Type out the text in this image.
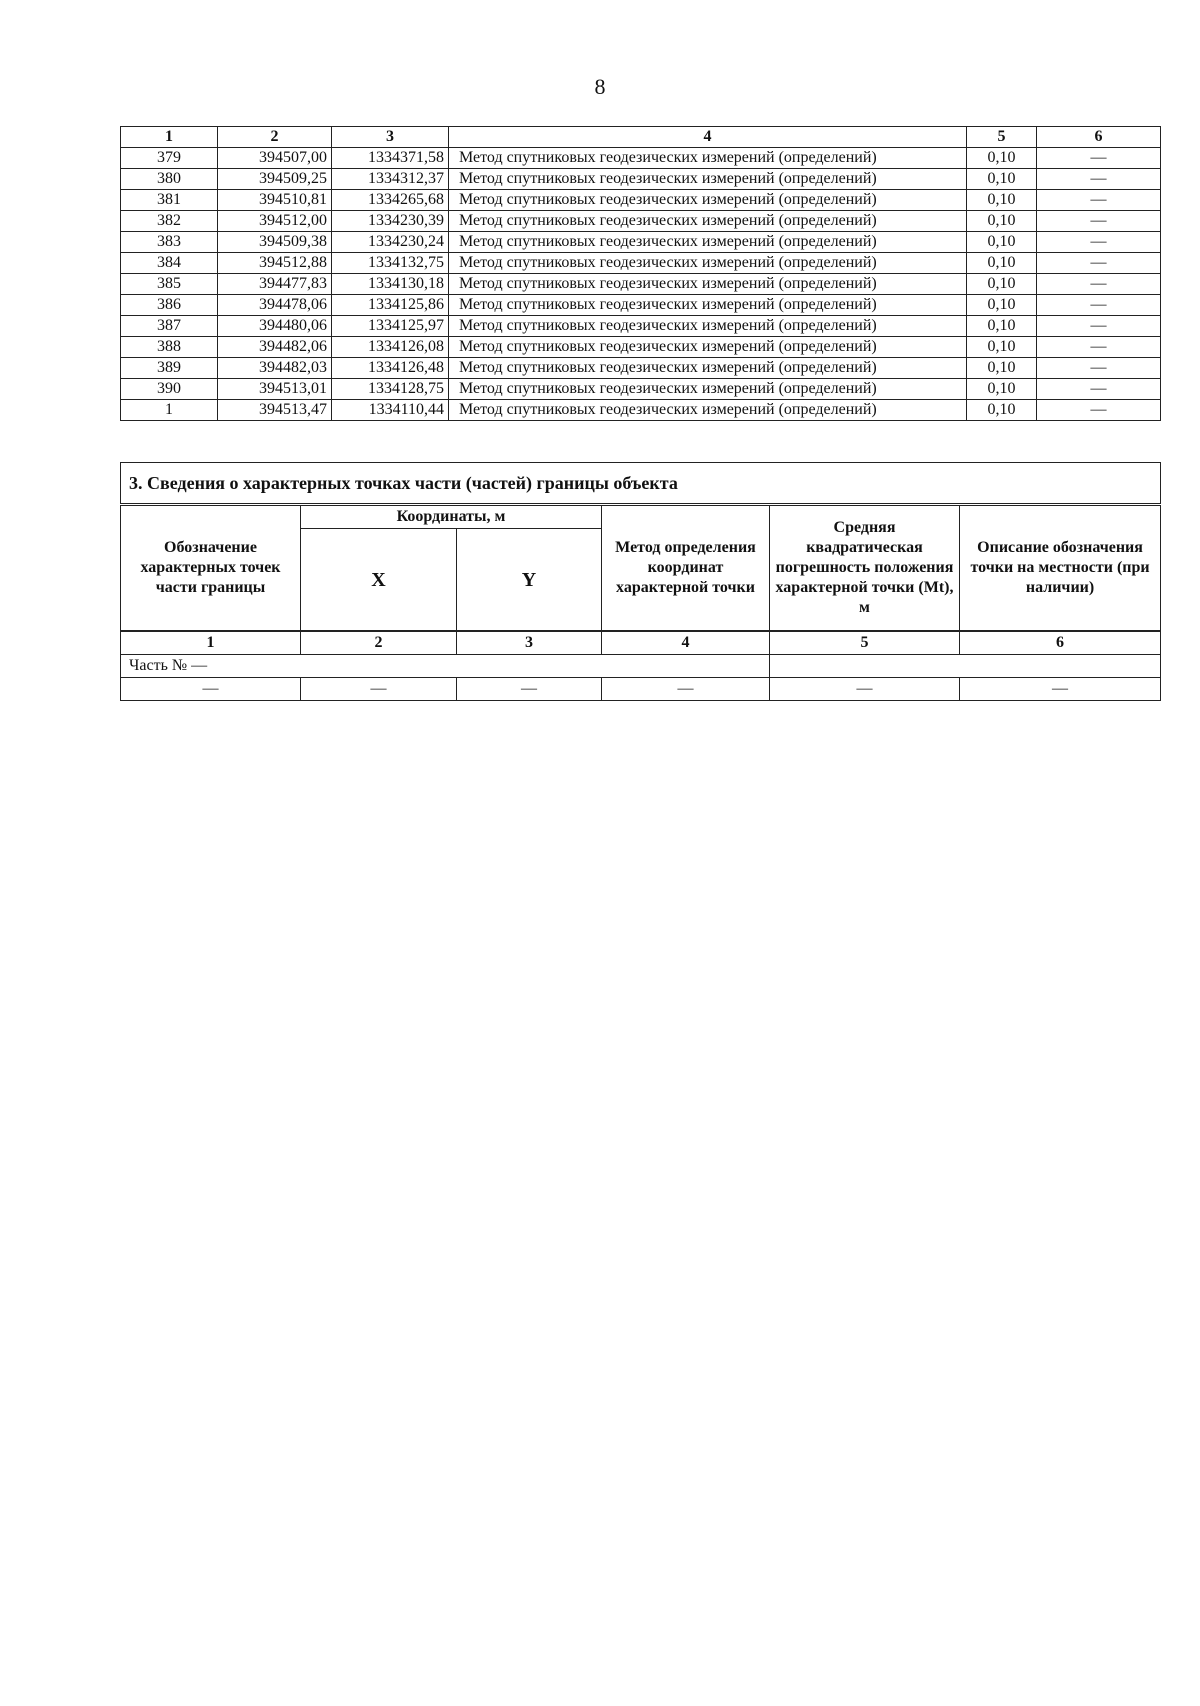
8
1	2	3	4	5	6
379	394507,00	1334371,58	Метод спутниковых геодезических измерений (определений)	0,10	—
380	394509,25	1334312,37	Метод спутниковых геодезических измерений (определений)	0,10	—
381	394510,81	1334265,68	Метод спутниковых геодезических измерений (определений)	0,10	—
382	394512,00	1334230,39	Метод спутниковых геодезических измерений (определений)	0,10	—
383	394509,38	1334230,24	Метод спутниковых геодезических измерений (определений)	0,10	—
384	394512,88	1334132,75	Метод спутниковых геодезических измерений (определений)	0,10	—
385	394477,83	1334130,18	Метод спутниковых геодезических измерений (определений)	0,10	—
386	394478,06	1334125,86	Метод спутниковых геодезических измерений (определений)	0,10	—
387	394480,06	1334125,97	Метод спутниковых геодезических измерений (определений)	0,10	—
388	394482,06	1334126,08	Метод спутниковых геодезических измерений (определений)	0,10	—
389	394482,03	1334126,48	Метод спутниковых геодезических измерений (определений)	0,10	—
390	394513,01	1334128,75	Метод спутниковых геодезических измерений (определений)	0,10	—
1	394513,47	1334110,44	Метод спутниковых геодезических измерений (определений)	0,10	—
3. Сведения о характерных точках части (частей) границы объекта					
Обозначение характерных точек части границы	Координаты, м		Метод определения координат характерной точки	Средняя квадратическая погрешность положения характерной точки (Mt), м	Описание обозначения точки на местности (при наличии)
	X	Y			
1	2	3	4	5	6
Часть № —					
—	—	—	—	—	—
